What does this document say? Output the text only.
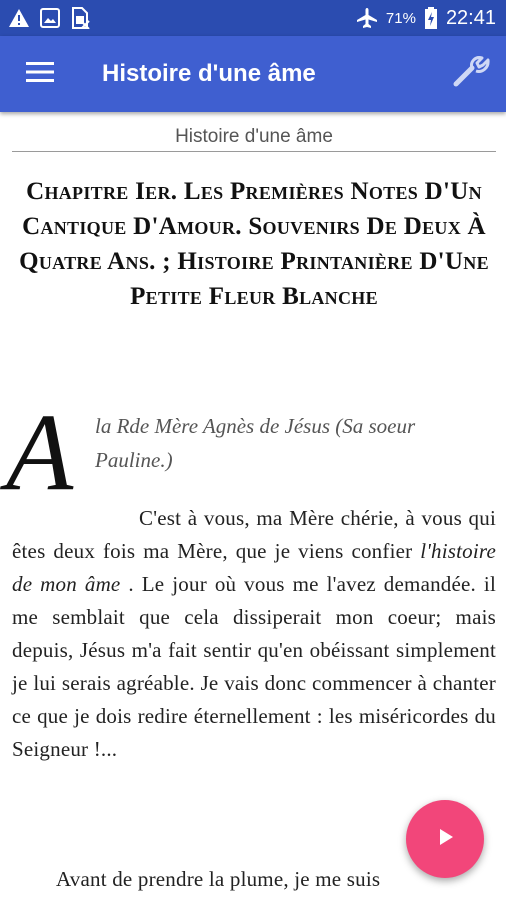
71% 22:41
Histoire d'une âme
Histoire d'une âme
Chapitre Ier. Les Premières Notes D'Un Cantique D'Amour. Souvenirs De Deux À Quatre Ans. ; Histoire Printanière D'Une Petite Fleur Blanche
A la Rde Mère Agnès de Jésus (Sa soeur Pauline.)

C'est à vous, ma Mère chérie, à vous qui êtes deux fois ma Mère, que je viens confier l'histoire de mon âme . Le jour où vous me l'avez demandée. il me semblait que cela dissiperait mon coeur; mais depuis, Jésus m'a fait sentir qu'en obéissant simplement je lui serais agréable. Je vais donc commencer à chanter ce que je dois redire éternellement : les miséricordes du Seigneur !...

Avant de prendre la plume, je me suis
